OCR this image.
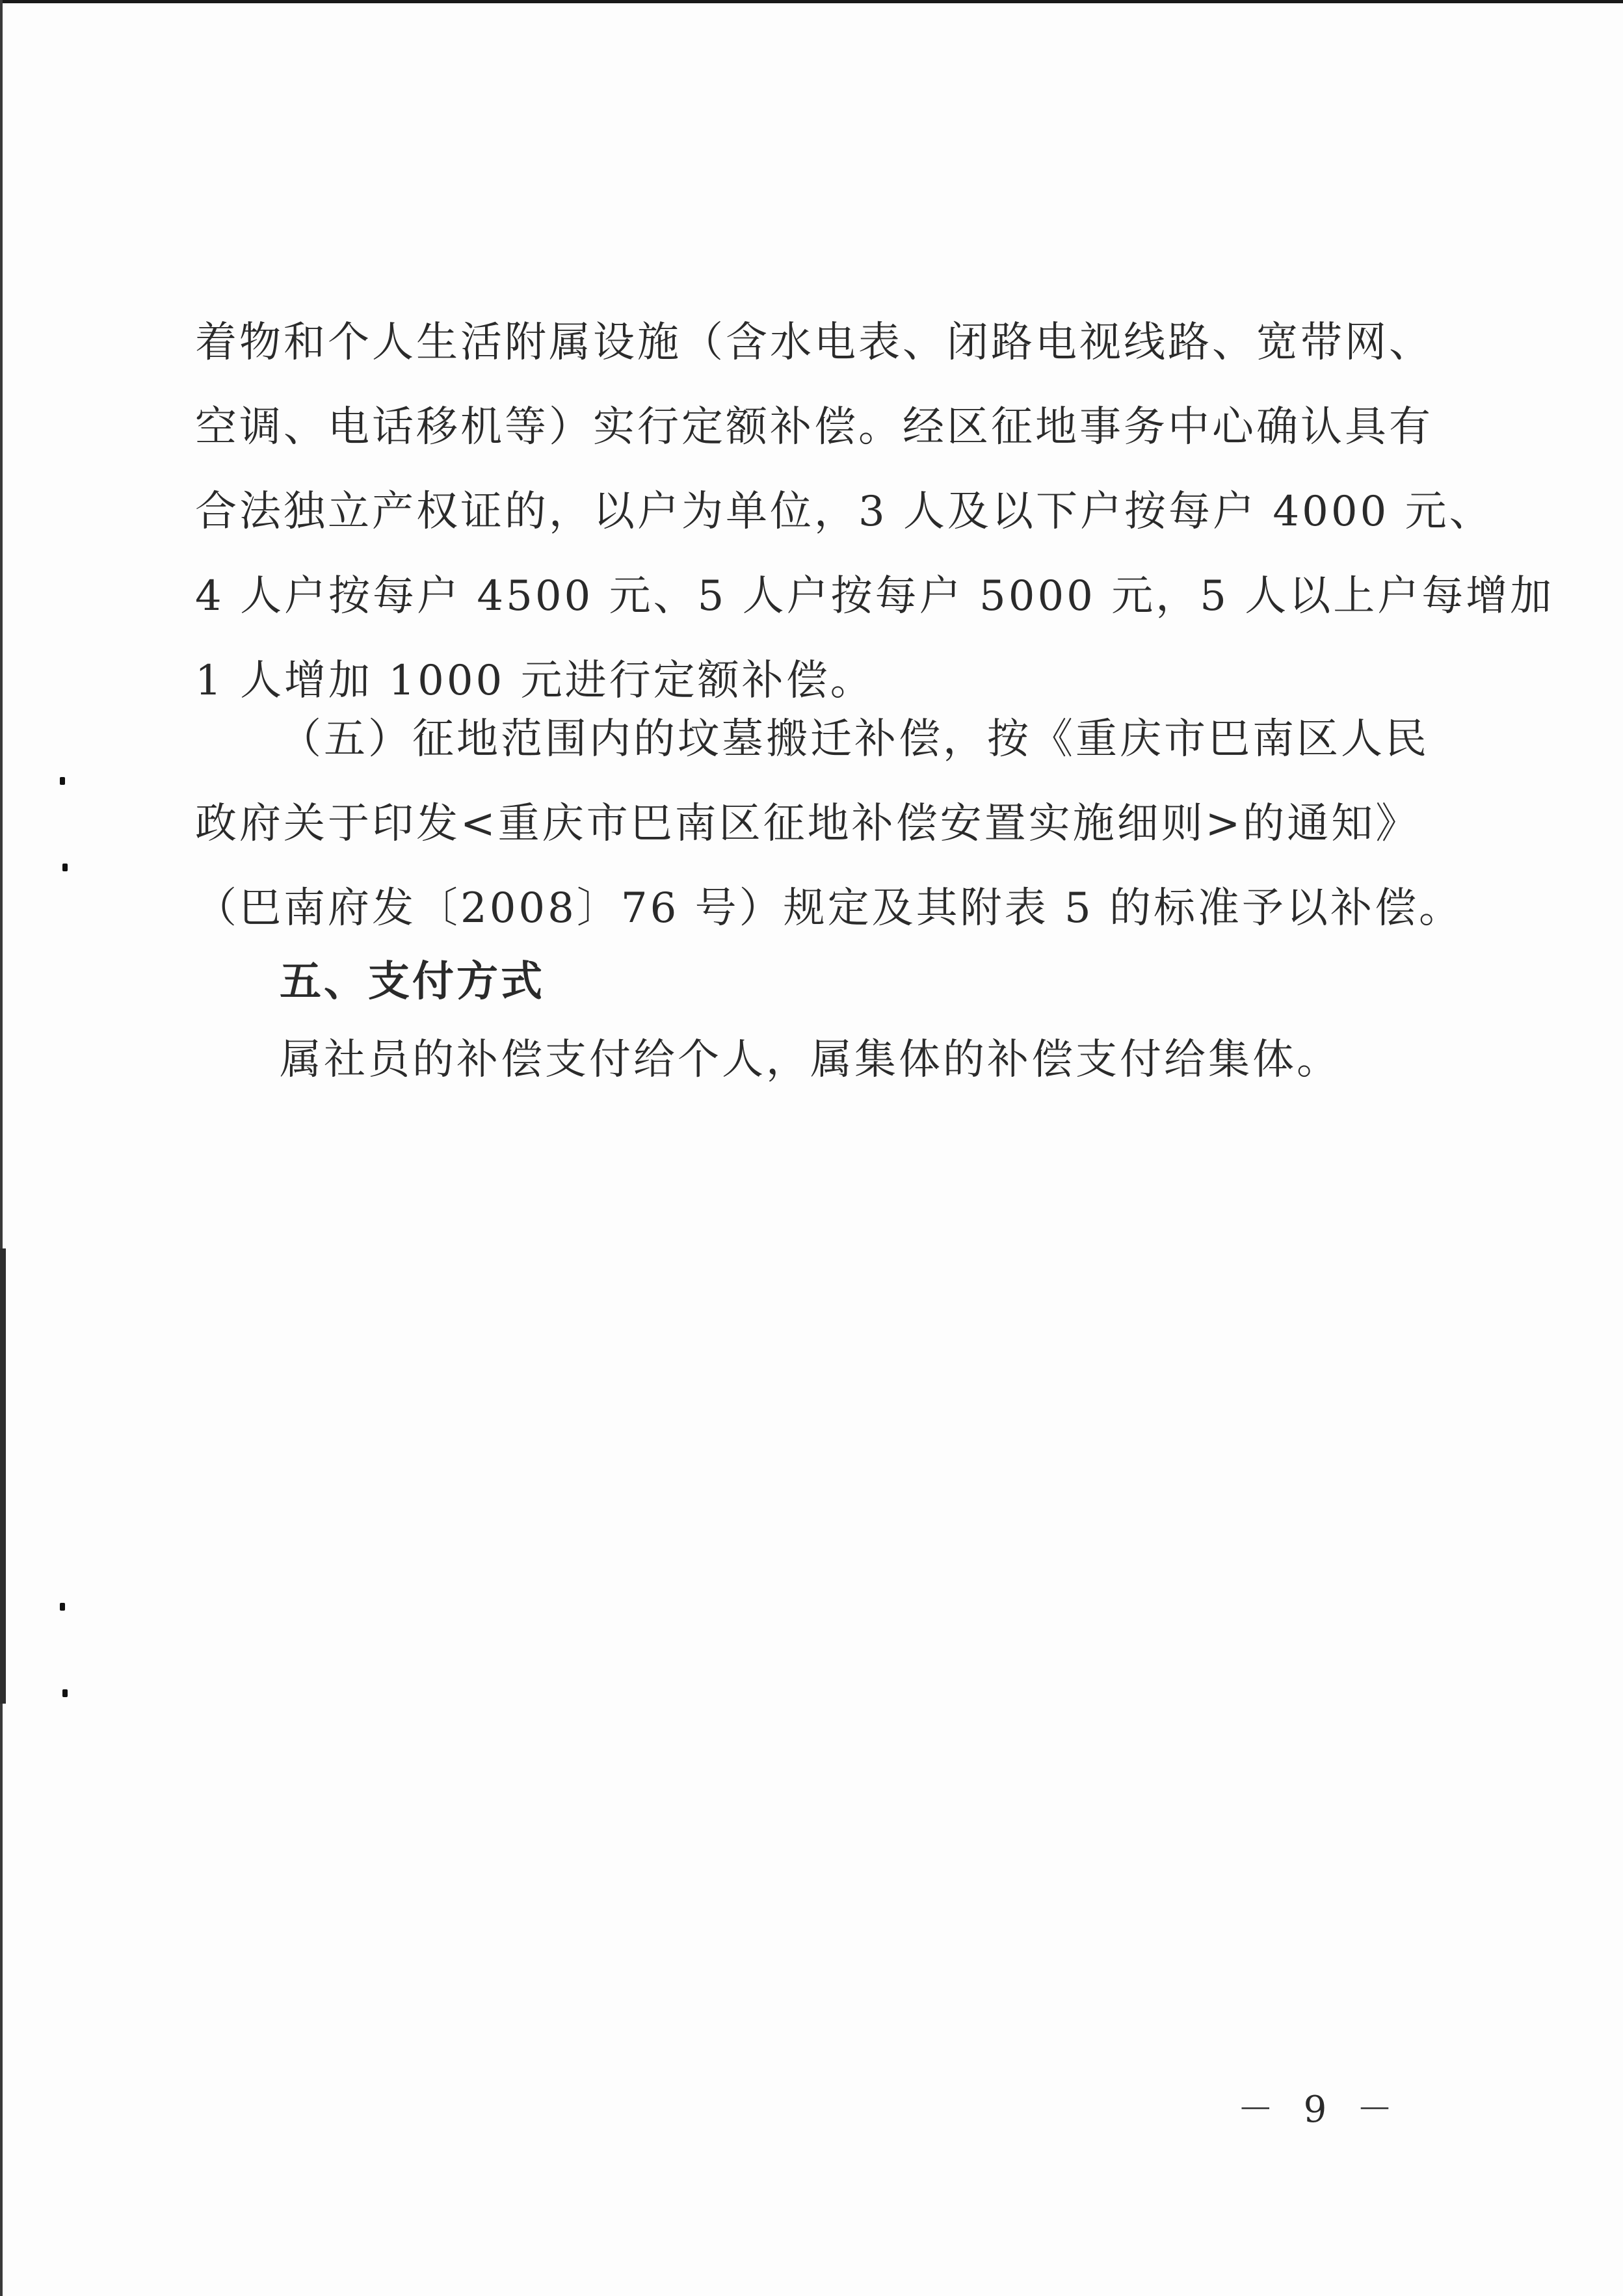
着物和个人生活附属设施（含水电表、闭路电视线路、宽带网、
空调、电话移机等）实行定额补偿。经区征地事务中心确认具有
合法独立产权证的，以户为单位，3 人及以下户按每户 4000 元、
4 人户按每户 4500 元、5 人户按每户 5000 元，5 人以上户每增加
1 人增加 1000 元进行定额补偿。
（五）征地范围内的坟墓搬迁补偿，按《重庆市巴南区人民
政府关于印发<重庆市巴南区征地补偿安置实施细则>的通知》
（巴南府发〔2008〕76 号）规定及其附表 5 的标准予以补偿。
五、支付方式
属社员的补偿支付给个人，属集体的补偿支付给集体。
－ 9 －
